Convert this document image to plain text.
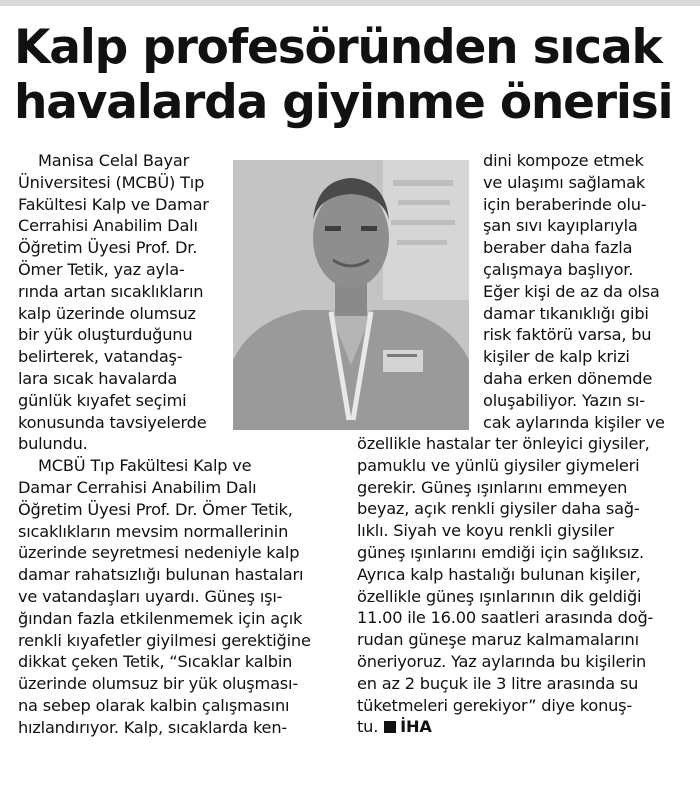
Kalp profesöründen sıcak
havalarda giyinme önerisi
Manisa Celal Bayar
Üniversitesi (MCBÜ) Tıp
Fakültesi Kalp ve Damar
Cerrahisi Anabilim Dalı
Öğretim Üyesi Prof. Dr.
Ömer Tetik, yaz ayla-
rında artan sıcaklıkların
kalp üzerinde olumsuz
bir yük oluşturduğunu
belirterek, vatandaş-
lara sıcak havalarda
günlük kıyafet seçimi
konusunda tavsiyelerde
bulundu.
MCBÜ Tıp Fakültesi Kalp ve
Damar Cerrahisi Anabilim Dalı
Öğretim Üyesi Prof. Dr. Ömer Tetik,
sıcaklıkların mevsim normallerinin
üzerinde seyretmesi nedeniyle kalp
damar rahatsızlığı bulunan hastaları
ve vatandaşları uyardı. Güneş ışı-
ğından fazla etkilenmemek için açık
renkli kıyafetler giyilmesi gerektiğine
dikkat çeken Tetik, “Sıcaklar kalbin
üzerinde olumsuz bir yük oluşması-
na sebep olarak kalbin çalışmasını
hızlandırıyor. Kalp, sıcaklarda ken-
dini kompoze etmek
ve ulaşımı sağlamak
için beraberinde olu-
şan sıvı kayıplarıyla
beraber daha fazla
çalışmaya başlıyor.
Eğer kişi de az da olsa
damar tıkanıklığı gibi
risk faktörü varsa, bu
kişiler de kalp krizi
daha erken dönemde
oluşabiliyor. Yazın sı-
cak aylarında kişiler ve
özellikle hastalar ter önleyici giysiler,
pamuklu ve yünlü giysiler giymeleri
gerekir. Güneş ışınlarını emmeyen
beyaz, açık renkli giysiler daha sağ-
lıklı. Siyah ve koyu renkli giysiler
güneş ışınlarını emdiği için sağlıksız.
Ayrıca kalp hastalığı bulunan kişiler,
özellikle güneş ışınlarının dik geldiği
11.00 ile 16.00 saatleri arasında doğ-
rudan güneşe maruz kalmamalarını
öneriyoruz. Yaz aylarında bu kişilerin
en az 2 buçuk ile 3 litre arasında su
tüketmeleri gerekiyor” diye konuş-
tu. İHA
